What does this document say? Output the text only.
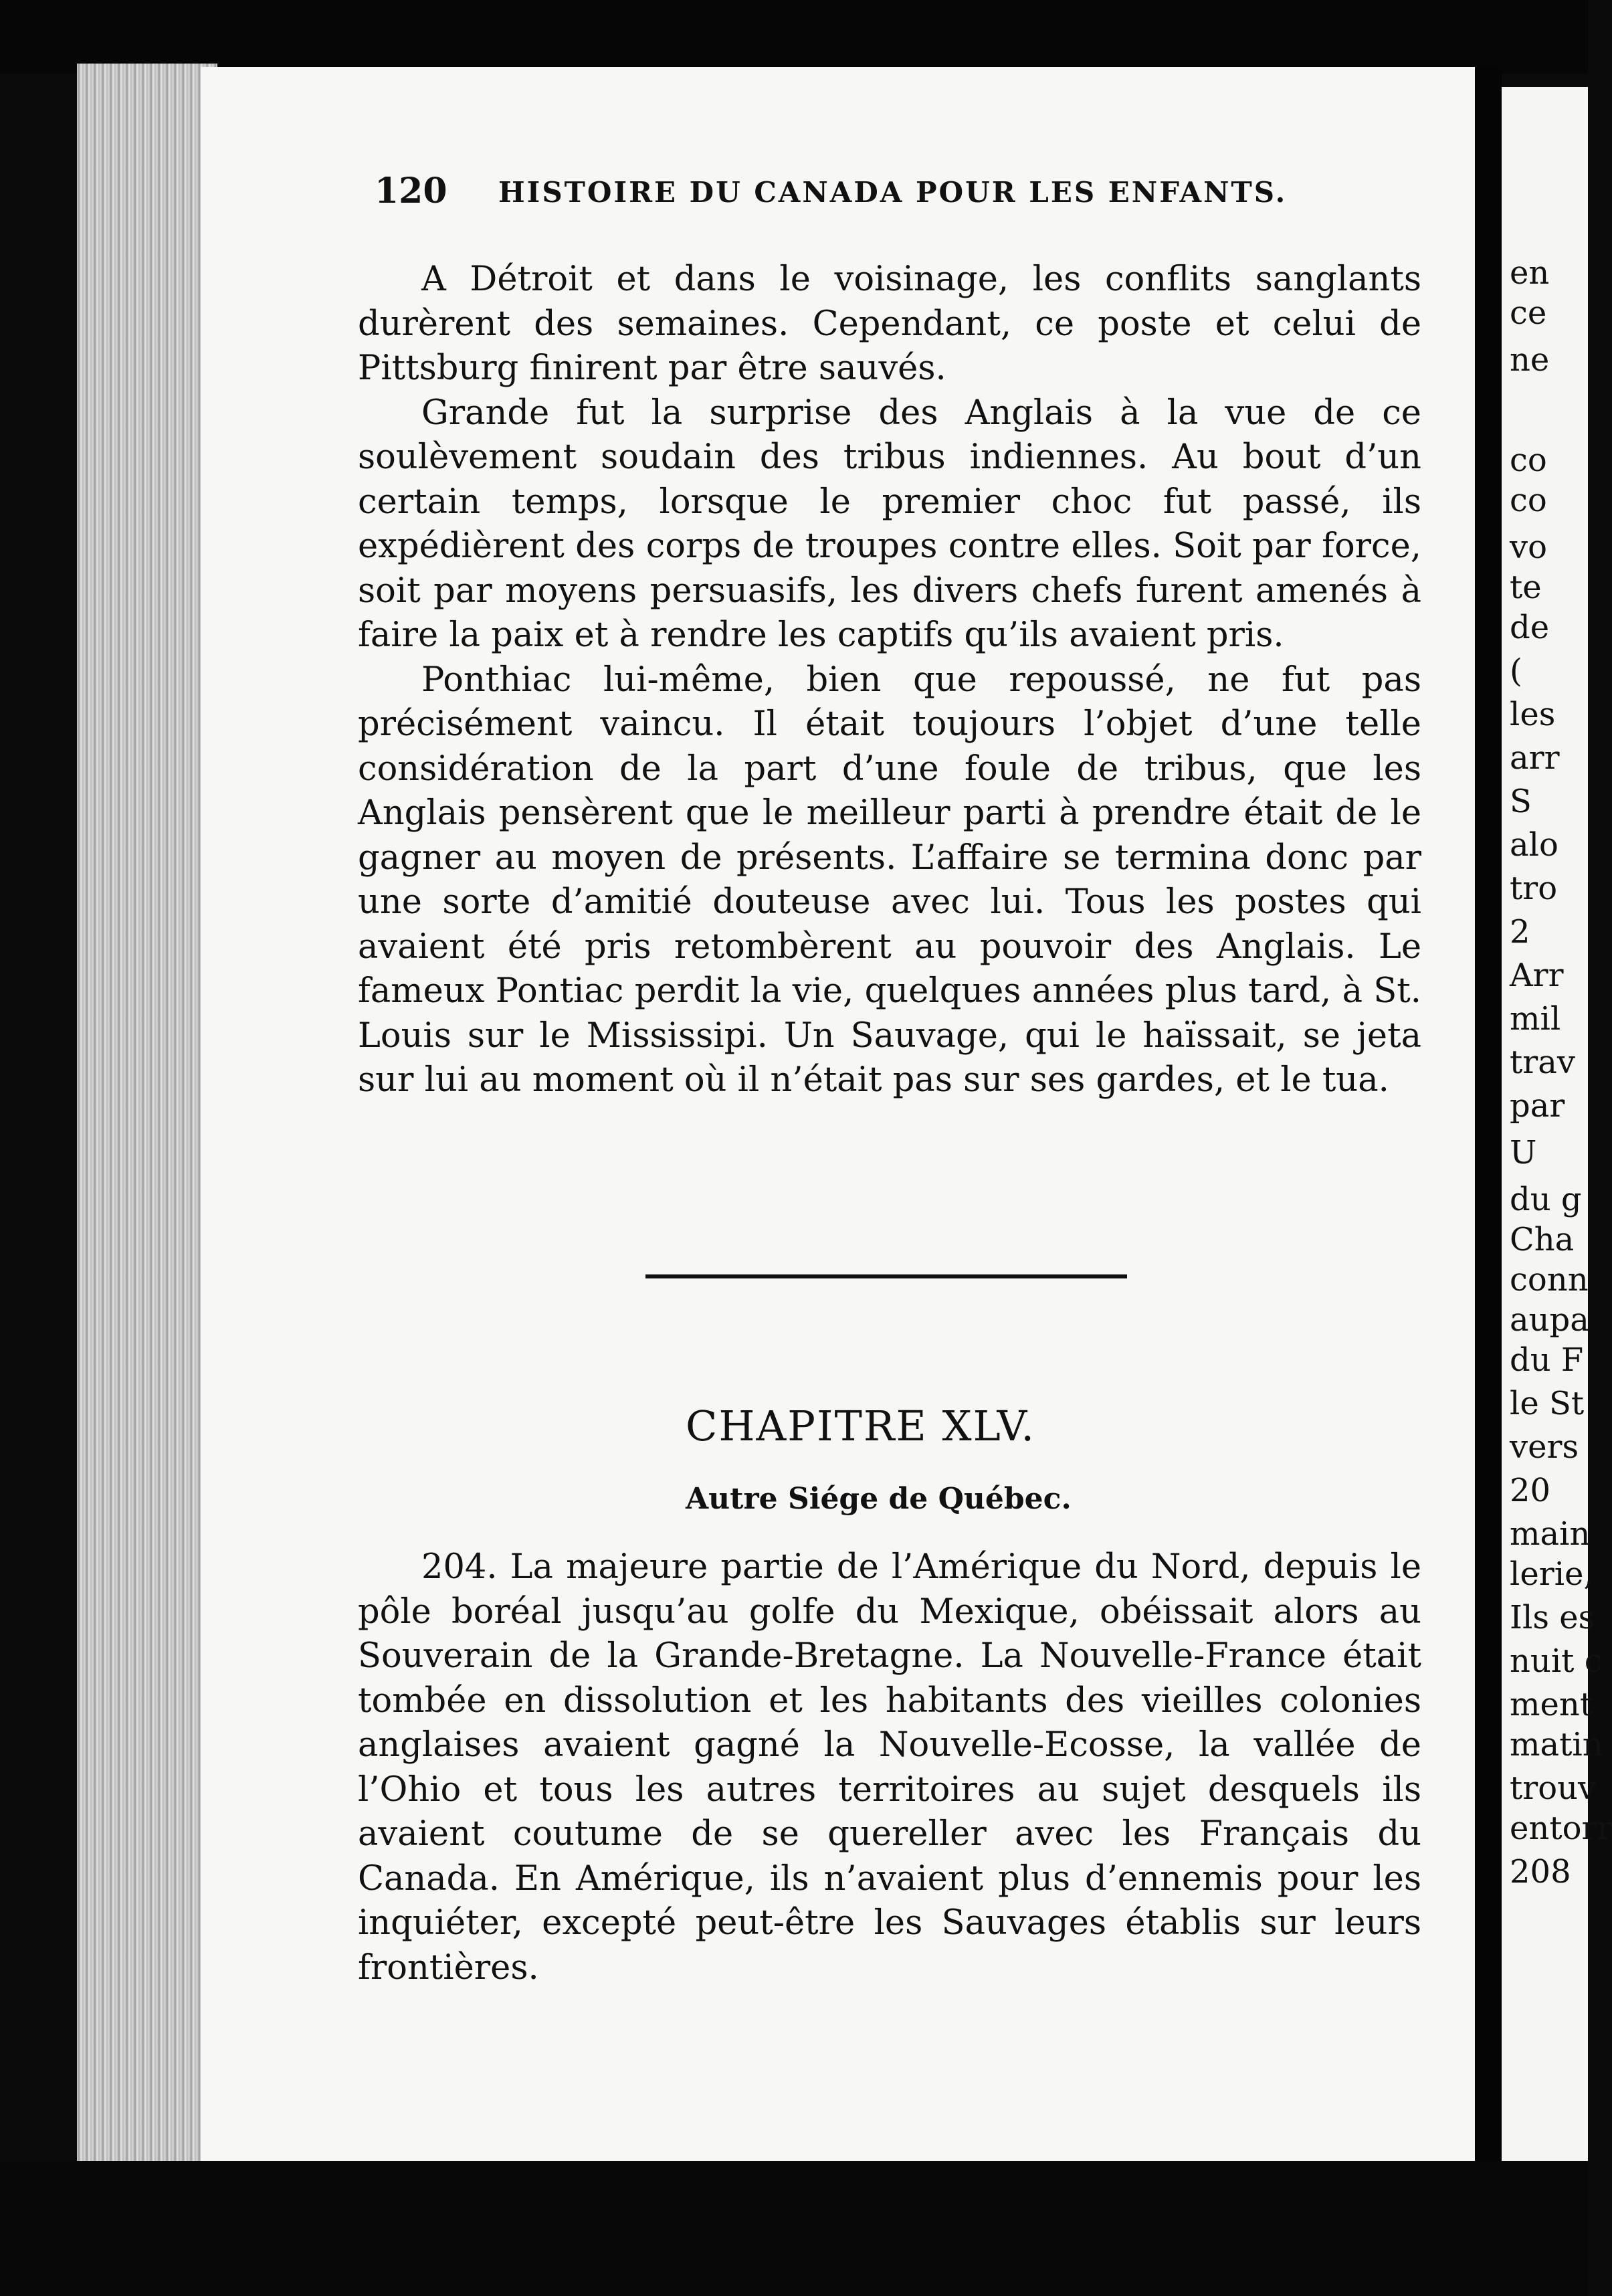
en
ce
ne
co
co
vo
te
de
(
les
arr
S
alo
tro
2
Arr
mil
trav
par
U
du g
Cha
conn
aupa
du F
le St
vers
20
main
lerie,
Ils es
nuit c
ment
matin
trouv
entorr
208
120 HISTOIRE DU CANADA POUR LES ENFANTS.

A Détroit et dans le voisinage, les conflits sanglants durèrent des semaines. Cependant, ce poste et celui de Pittsburg finirent par être sauvés.

Grande fut la surprise des Anglais à la vue de ce soulèvement soudain des tribus indiennes. Au bout d’un certain temps, lorsque le premier choc fut passé, ils expédièrent des corps de troupes contre elles. Soit par force, soit par moyens persuasifs, les divers chefs furent amenés à faire la paix et à rendre les captifs qu’ils avaient pris.

Ponthiac lui-même, bien que repoussé, ne fut pas précisément vaincu. Il était toujours l’objet d’une telle considération de la part d’une foule de tribus, que les Anglais pensèrent que le meilleur parti à prendre était de le gagner au moyen de présents. L’affaire se termina donc par une sorte d’amitié douteuse avec lui. Tous les postes qui avaient été pris retombèrent au pouvoir des Anglais. Le fameux Pontiac perdit la vie, quelques années plus tard, à St. Louis sur le Mississipi. Un Sauvage, qui le haïssait, se jeta sur lui au moment où il n’était pas sur ses gardes, et le tua.

CHAPITRE XLV.
Autre Siége de Québec.

204. La majeure partie de l’Amérique du Nord, depuis le pôle boréal jusqu’au golfe du Mexique, obéissait alors au Souverain de la Grande-Bretagne. La Nouvelle-France était tombée en dissolution et les habitants des vieilles colonies anglaises avaient gagné la Nouvelle-Ecosse, la vallée de l’Ohio et tous les autres territoires au sujet desquels ils avaient coutume de se quereller avec les Français du Canada. En Amérique, ils n’avaient plus d’ennemis pour les inquiéter, excepté peut-être les Sauvages établis sur leurs frontières.
